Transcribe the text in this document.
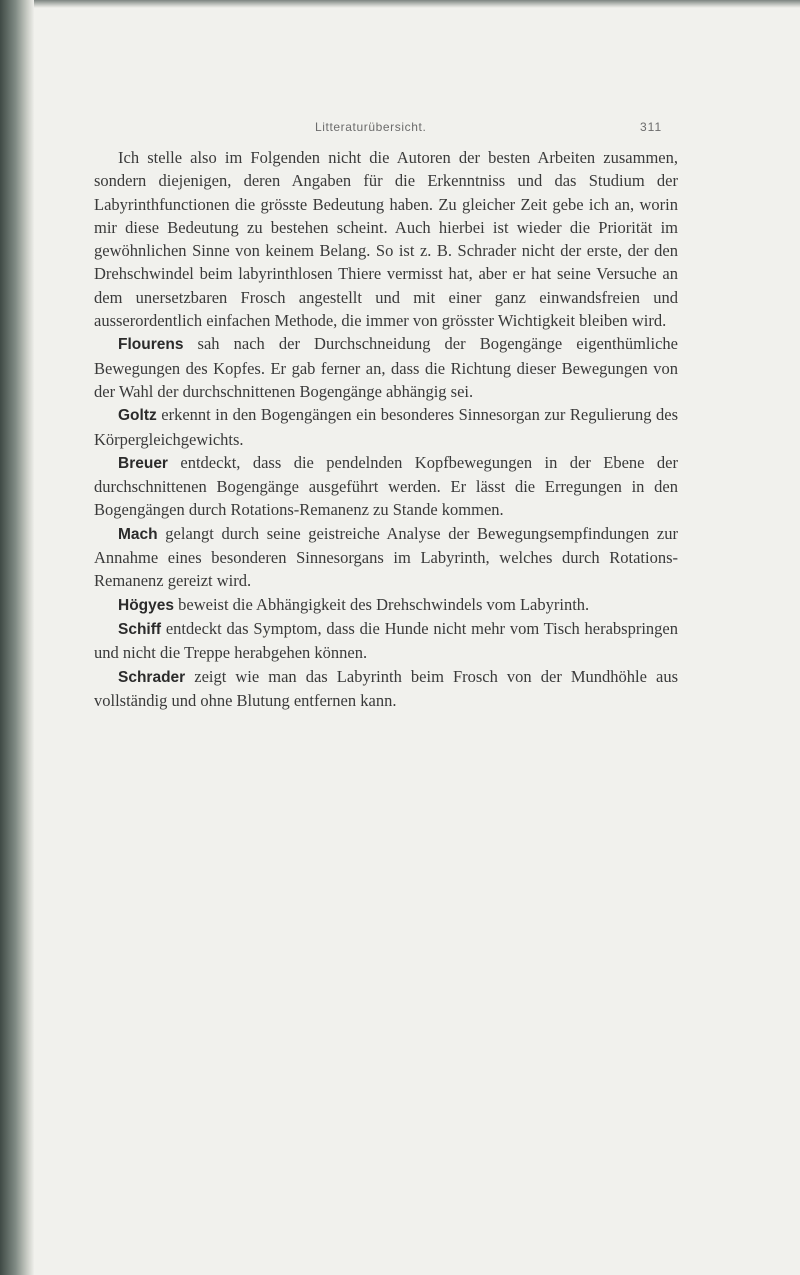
Litteraturübersicht.	311

Ich stelle also im Folgenden nicht die Autoren der besten Arbeiten zusammen, sondern diejenigen, deren Angaben für die Erkenntniss und das Studium der Labyrinthfunctionen die grösste Bedeutung haben. Zu gleicher Zeit gebe ich an, worin mir diese Bedeutung zu bestehen scheint. Auch hierbei ist wieder die Priorität im gewöhnlichen Sinne von keinem Belang. So ist z. B. Schrader nicht der erste, der den Drehschwindel beim labyrinthlosen Thiere vermisst hat, aber er hat seine Versuche an dem unersetzbaren Frosch angestellt und mit einer ganz einwandsfreien und ausserordentlich einfachen Methode, die immer von grösster Wichtigkeit bleiben wird.

Flourens sah nach der Durchschneidung der Bogengänge eigenthümliche Bewegungen des Kopfes. Er gab ferner an, dass die Richtung dieser Bewegungen von der Wahl der durchschnittenen Bogengänge abhängig sei.

Goltz erkennt in den Bogengängen ein besonderes Sinnesorgan zur Regulierung des Körpergleichgewichts.

Breuer entdeckt, dass die pendelnden Kopfbewegungen in der Ebene der durchschnittenen Bogengänge ausgeführt werden. Er lässt die Erregungen in den Bogengängen durch Rotations-Remanenz zu Stande kommen.

Mach gelangt durch seine geistreiche Analyse der Bewegungsempfindungen zur Annahme eines besonderen Sinnesorgans im Labyrinth, welches durch Rotations-Remanenz gereizt wird.

Högyes beweist die Abhängigkeit des Drehschwindels vom Labyrinth.

Schiff entdeckt das Symptom, dass die Hunde nicht mehr vom Tisch herabspringen und nicht die Treppe herabgehen können.

Schrader zeigt wie man das Labyrinth beim Frosch von der Mundhöhle aus vollständig und ohne Blutung entfernen kann.
